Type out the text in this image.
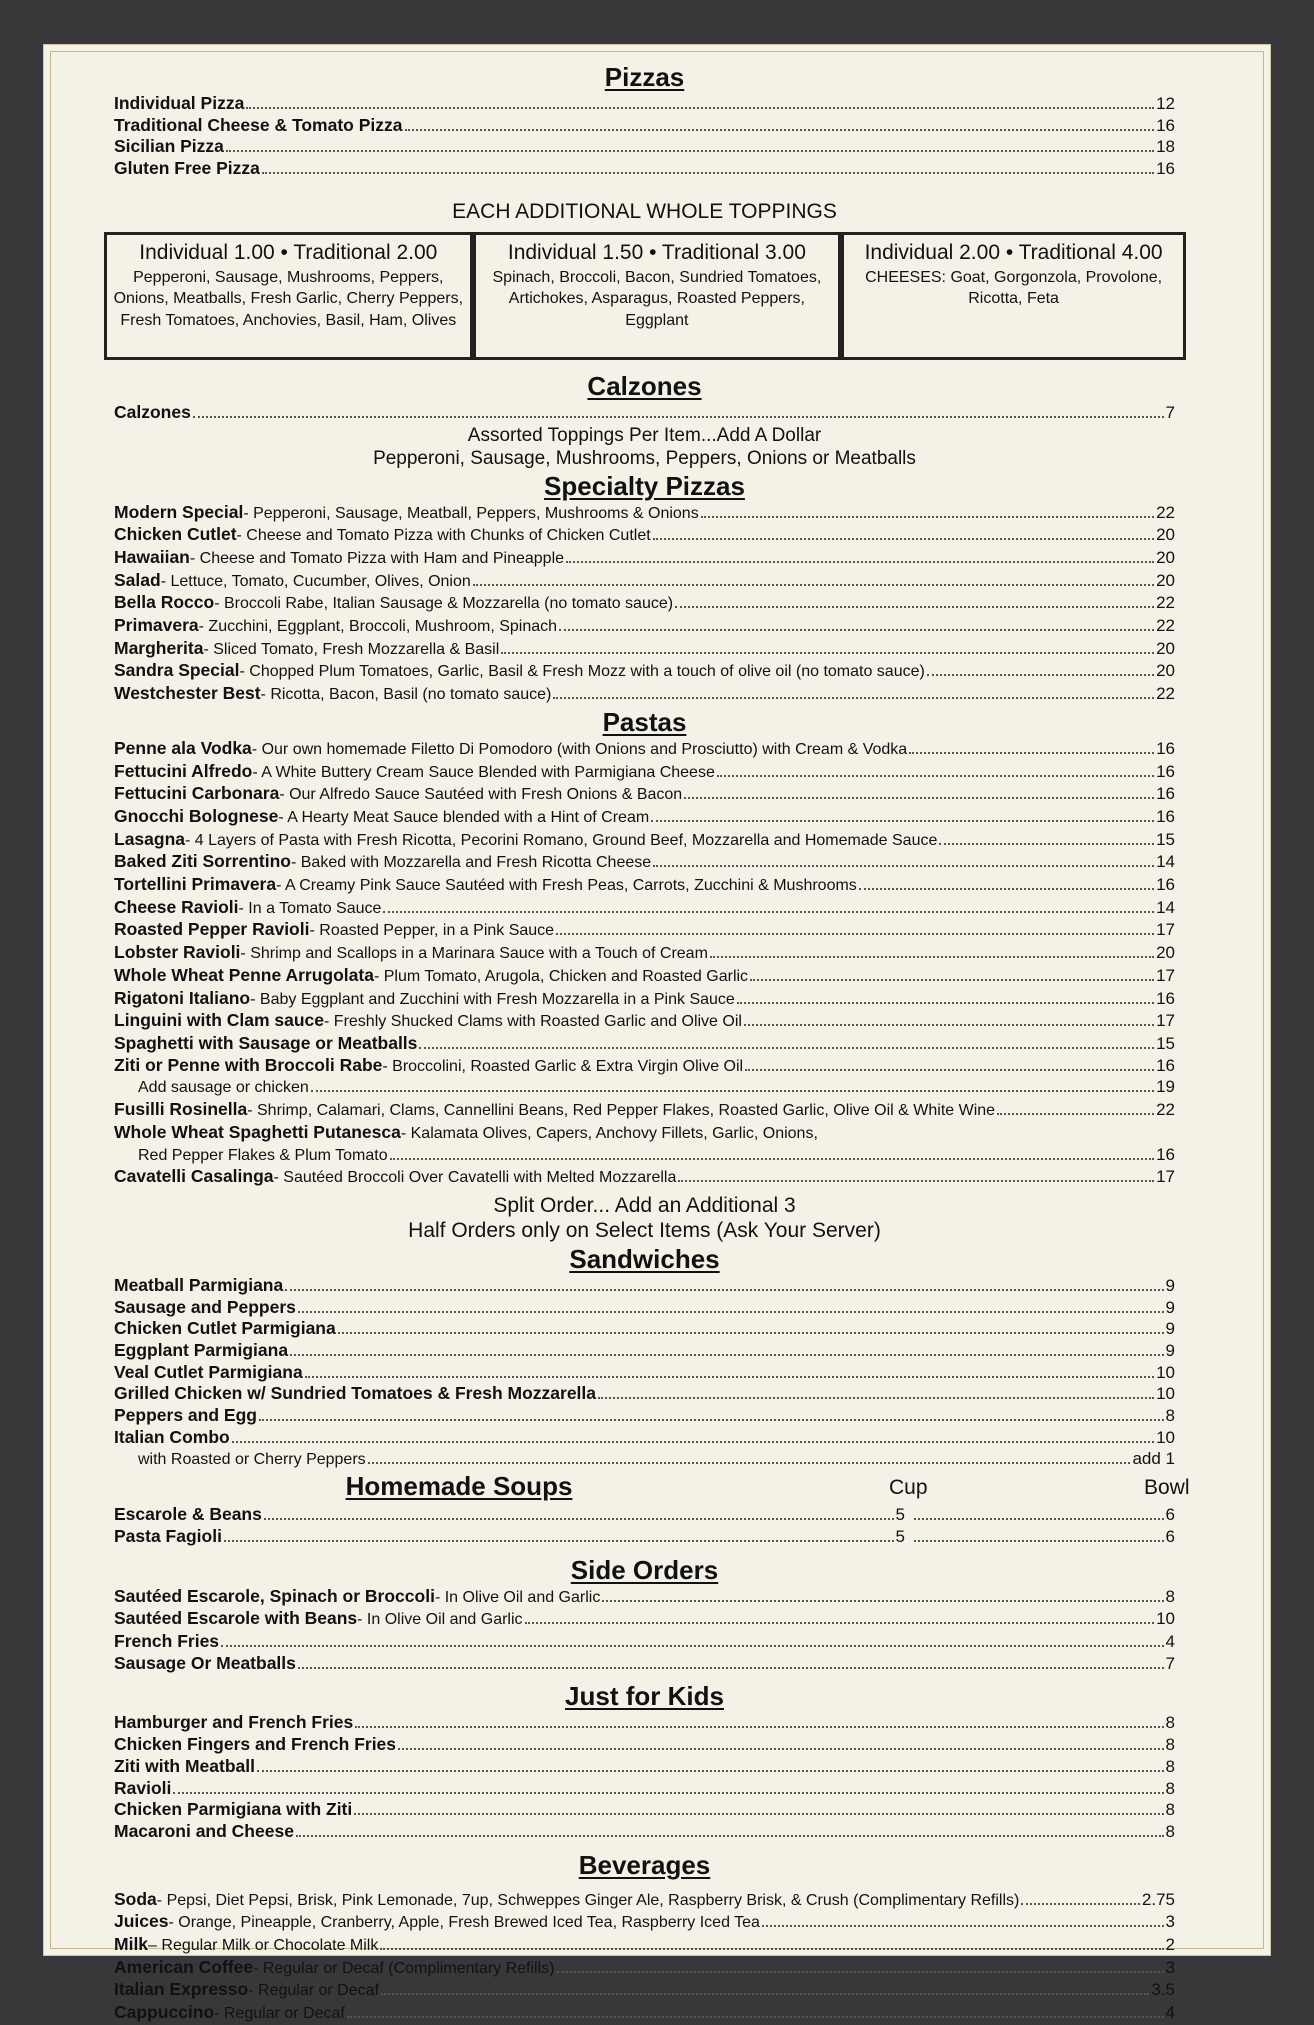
Pizzas
Individual Pizza	12
Traditional Cheese & Tomato Pizza	16
Sicilian Pizza	18
Gluten Free Pizza	16
EACH ADDITIONAL WHOLE TOPPINGS
Individual 1.00 • Traditional 2.00
Pepperoni, Sausage, Mushrooms, Peppers, Onions, Meatballs, Fresh Garlic, Cherry Peppers, Fresh Tomatoes, Anchovies, Basil, Ham, Olives
Individual 1.50 • Traditional 3.00
Spinach, Broccoli, Bacon, Sundried Tomatoes, Artichokes, Asparagus, Roasted Peppers, Eggplant
Individual 2.00 • Traditional 4.00
CHEESES: Goat, Gorgonzola, Provolone, Ricotta, Feta
Calzones
Calzones	7
Assorted Toppings Per Item...Add A Dollar
Pepperoni, Sausage, Mushrooms, Peppers, Onions or Meatballs
Specialty Pizzas
Modern Special - Pepperoni, Sausage, Meatball, Peppers, Mushrooms & Onions	22
Chicken Cutlet - Cheese and Tomato Pizza with Chunks of Chicken Cutlet	20
Hawaiian - Cheese and Tomato Pizza with Ham and Pineapple	20
Salad - Lettuce, Tomato, Cucumber, Olives, Onion	20
Bella Rocco - Broccoli Rabe, Italian Sausage & Mozzarella (no tomato sauce)	22
Primavera - Zucchini, Eggplant, Broccoli, Mushroom, Spinach	22
Margherita - Sliced Tomato, Fresh Mozzarella & Basil	20
Sandra Special - Chopped Plum Tomatoes, Garlic, Basil & Fresh Mozz with a touch of olive oil (no tomato sauce)	20
Westchester Best - Ricotta, Bacon, Basil (no tomato sauce)	22
Pastas
Penne ala Vodka - Our own homemade Filetto Di Pomodoro (with Onions and Prosciutto) with Cream & Vodka	16
Fettucini Alfredo - A White Buttery Cream Sauce Blended with Parmigiana Cheese	16
Fettucini Carbonara - Our Alfredo Sauce Sautéed with Fresh Onions & Bacon	16
Gnocchi Bolognese - A Hearty Meat Sauce blended with a Hint of Cream	16
Lasagna - 4 Layers of Pasta with Fresh Ricotta, Pecorini Romano, Ground Beef, Mozzarella and Homemade Sauce	15
Baked Ziti Sorrentino - Baked with Mozzarella and Fresh Ricotta Cheese	14
Tortellini Primavera - A Creamy Pink Sauce Sautéed with Fresh Peas, Carrots, Zucchini & Mushrooms	16
Cheese Ravioli - In a Tomato Sauce	14
Roasted Pepper Ravioli - Roasted Pepper, in a Pink Sauce	17
Lobster Ravioli - Shrimp and Scallops in a Marinara Sauce with a Touch of Cream	20
Whole Wheat Penne Arrugolata - Plum Tomato, Arugola, Chicken and Roasted Garlic	17
Rigatoni Italiano - Baby Eggplant and Zucchini with Fresh Mozzarella in a Pink Sauce	16
Linguini with Clam sauce - Freshly Shucked Clams with Roasted Garlic and Olive Oil	17
Spaghetti with Sausage or Meatballs	15
Ziti or Penne with Broccoli Rabe - Broccolini, Roasted Garlic & Extra Virgin Olive Oil	16
Add sausage or chicken	19
Fusilli Rosinella - Shrimp, Calamari, Clams, Cannellini Beans, Red Pepper Flakes, Roasted Garlic, Olive Oil & White Wine	22
Whole Wheat Spaghetti Putanesca - Kalamata Olives, Capers, Anchovy Fillets, Garlic, Onions,
Red Pepper Flakes & Plum Tomato	16
Cavatelli Casalinga - Sautéed Broccoli Over Cavatelli with Melted Mozzarella	17
Split Order... Add an Additional 3
Half Orders only on Select Items (Ask Your Server)
Sandwiches
Meatball Parmigiana	9
Sausage and Peppers	9
Chicken Cutlet Parmigiana	9
Eggplant Parmigiana	9
Veal Cutlet Parmigiana	10
Grilled Chicken w/ Sundried Tomatoes & Fresh Mozzarella	10
Peppers and Egg	8
Italian Combo	10
with Roasted or Cherry Peppers	add 1
Homemade Soups	Cup	Bowl
Escarole & Beans	5	6
Pasta Fagioli	5	6
Side Orders
Sautéed Escarole, Spinach or Broccoli - In Olive Oil and Garlic	8
Sautéed Escarole with Beans - In Olive Oil and Garlic	10
French Fries	4
Sausage Or Meatballs	7
Just for Kids
Hamburger and French Fries	8
Chicken Fingers and French Fries	8
Ziti with Meatball	8
Ravioli	8
Chicken Parmigiana with Ziti	8
Macaroni and Cheese	8
Beverages
Soda - Pepsi, Diet Pepsi, Brisk, Pink Lemonade, 7up, Schweppes Ginger Ale, Raspberry Brisk, & Crush (Complimentary Refills)	2.75
Juices - Orange, Pineapple, Cranberry, Apple, Fresh Brewed Iced Tea, Raspberry Iced Tea	3
Milk – Regular Milk or Chocolate Milk	2
American Coffee - Regular or Decaf (Complimentary Refills)	3
Italian Expresso - Regular or Decaf	3.5
Cappuccino - Regular or Decaf	4
